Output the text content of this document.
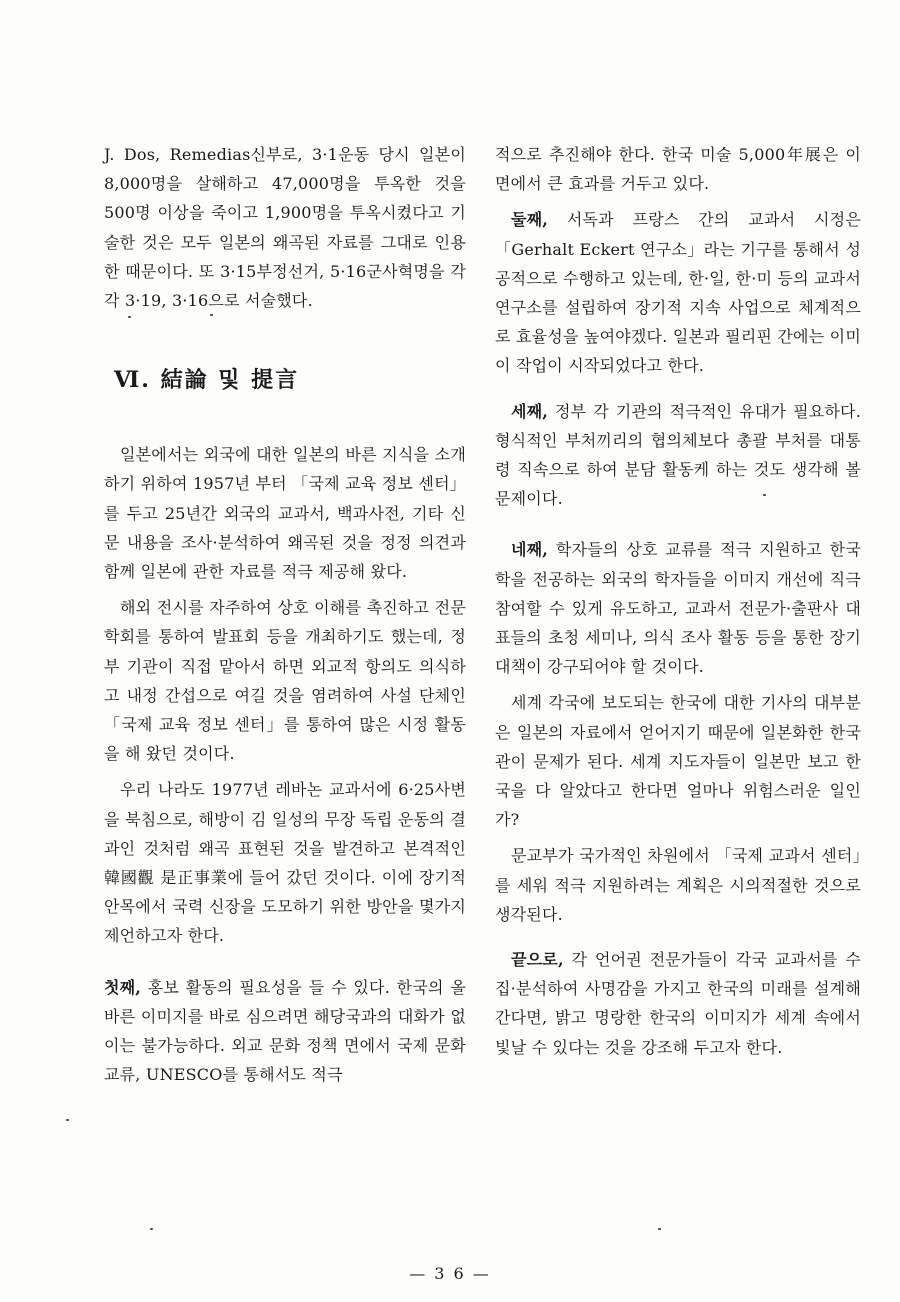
J. Dos, Remedias신부로, 3·1운동 당시 일본이 8,000명을 살해하고 47,000명을 투옥한 것을 500명 이상을 죽이고 1,900명을 투옥시켰다고 기술한 것은 모두 일본의 왜곡된 자료를 그대로 인용한 때문이다. 또 3·15부정선거, 5·16군사혁명을 각각 3·19, 3·16으로 서술했다.

Ⅵ. 結論 및 提言

일본에서는 외국에 대한 일본의 바른 지식을 소개하기 위하여 1957년 부터 「국제 교육 정보 센터」를 두고 25년간 외국의 교과서, 백과사전, 기타 신문 내용을 조사·분석하여 왜곡된 것을 정정 의견과 함께 일본에 관한 자료를 적극 제공해 왔다.

해외 전시를 자주하여 상호 이해를 촉진하고 전문 학회를 통하여 발표회 등을 개최하기도 했는데, 정부 기관이 직접 맡아서 하면 외교적 항의도 의식하고 내정 간섭으로 여길 것을 염려하여 사설 단체인 「국제 교육 정보 센터」를 통하여 많은 시정 활동을 해 왔던 것이다.

우리 나라도 1977년 레바논 교과서에 6·25사변을 북침으로, 해방이 김 일성의 무장 독립 운동의 결과인 것처럼 왜곡 표현된 것을 발견하고 본격적인 韓國觀 是正事業에 들어 갔던 것이다. 이에 장기적 안목에서 국력 신장을 도모하기 위한 방안을 몇가지 제언하고자 한다.

첫째, 홍보 활동의 필요성을 들 수 있다. 한국의 올바른 이미지를 바로 심으려면 해당국과의 대화가 없이는 불가능하다. 외교 문화 정책 면에서 국제 문화 교류, UNESCO를 통해서도 적극

적으로 추진해야 한다. 한국 미술 5,000年展은 이 면에서 큰 효과를 거두고 있다.

둘째, 서독과 프랑스 간의 교과서 시정은 「Gerhalt Eckert 연구소」라는 기구를 통해서 성공적으로 수행하고 있는데, 한·일, 한·미 등의 교과서 연구소를 설립하여 장기적 지속 사업으로 체계적으로 효율성을 높여야겠다. 일본과 필리핀 간에는 이미 이 작업이 시작되었다고 한다.

세째, 정부 각 기관의 적극적인 유대가 필요하다. 형식적인 부처끼리의 협의체보다 총괄 부처를 대통령 직속으로 하여 분담 활동케 하는 것도 생각해 볼 문제이다.

네째, 학자들의 상호 교류를 적극 지원하고 한국학을 전공하는 외국의 학자들을 이미지 개선에 직극 참여할 수 있게 유도하고, 교과서 전문가·출판사 대표들의 초청 세미나, 의식 조사 활동 등을 통한 장기 대책이 강구되어야 할 것이다.

세계 각국에 보도되는 한국에 대한 기사의 대부분은 일본의 자료에서 얻어지기 때문에 일본화한 한국관이 문제가 된다. 세계 지도자들이 일본만 보고 한국을 다 알았다고 한다면 얼마나 위험스러운 일인가?

문교부가 국가적인 차원에서 「국제 교과서 센터」를 세워 적극 지원하려는 계획은 시의적절한 것으로 생각된다.

끝으로, 각 언어권 전문가들이 각국 교과서를 수집·분석하여 사명감을 가지고 한국의 미래를 설계해 간다면, 밝고 명랑한 한국의 이미지가 세계 속에서 빛날 수 있다는 것을 강조해 두고자 한다.

— 3 6 —
